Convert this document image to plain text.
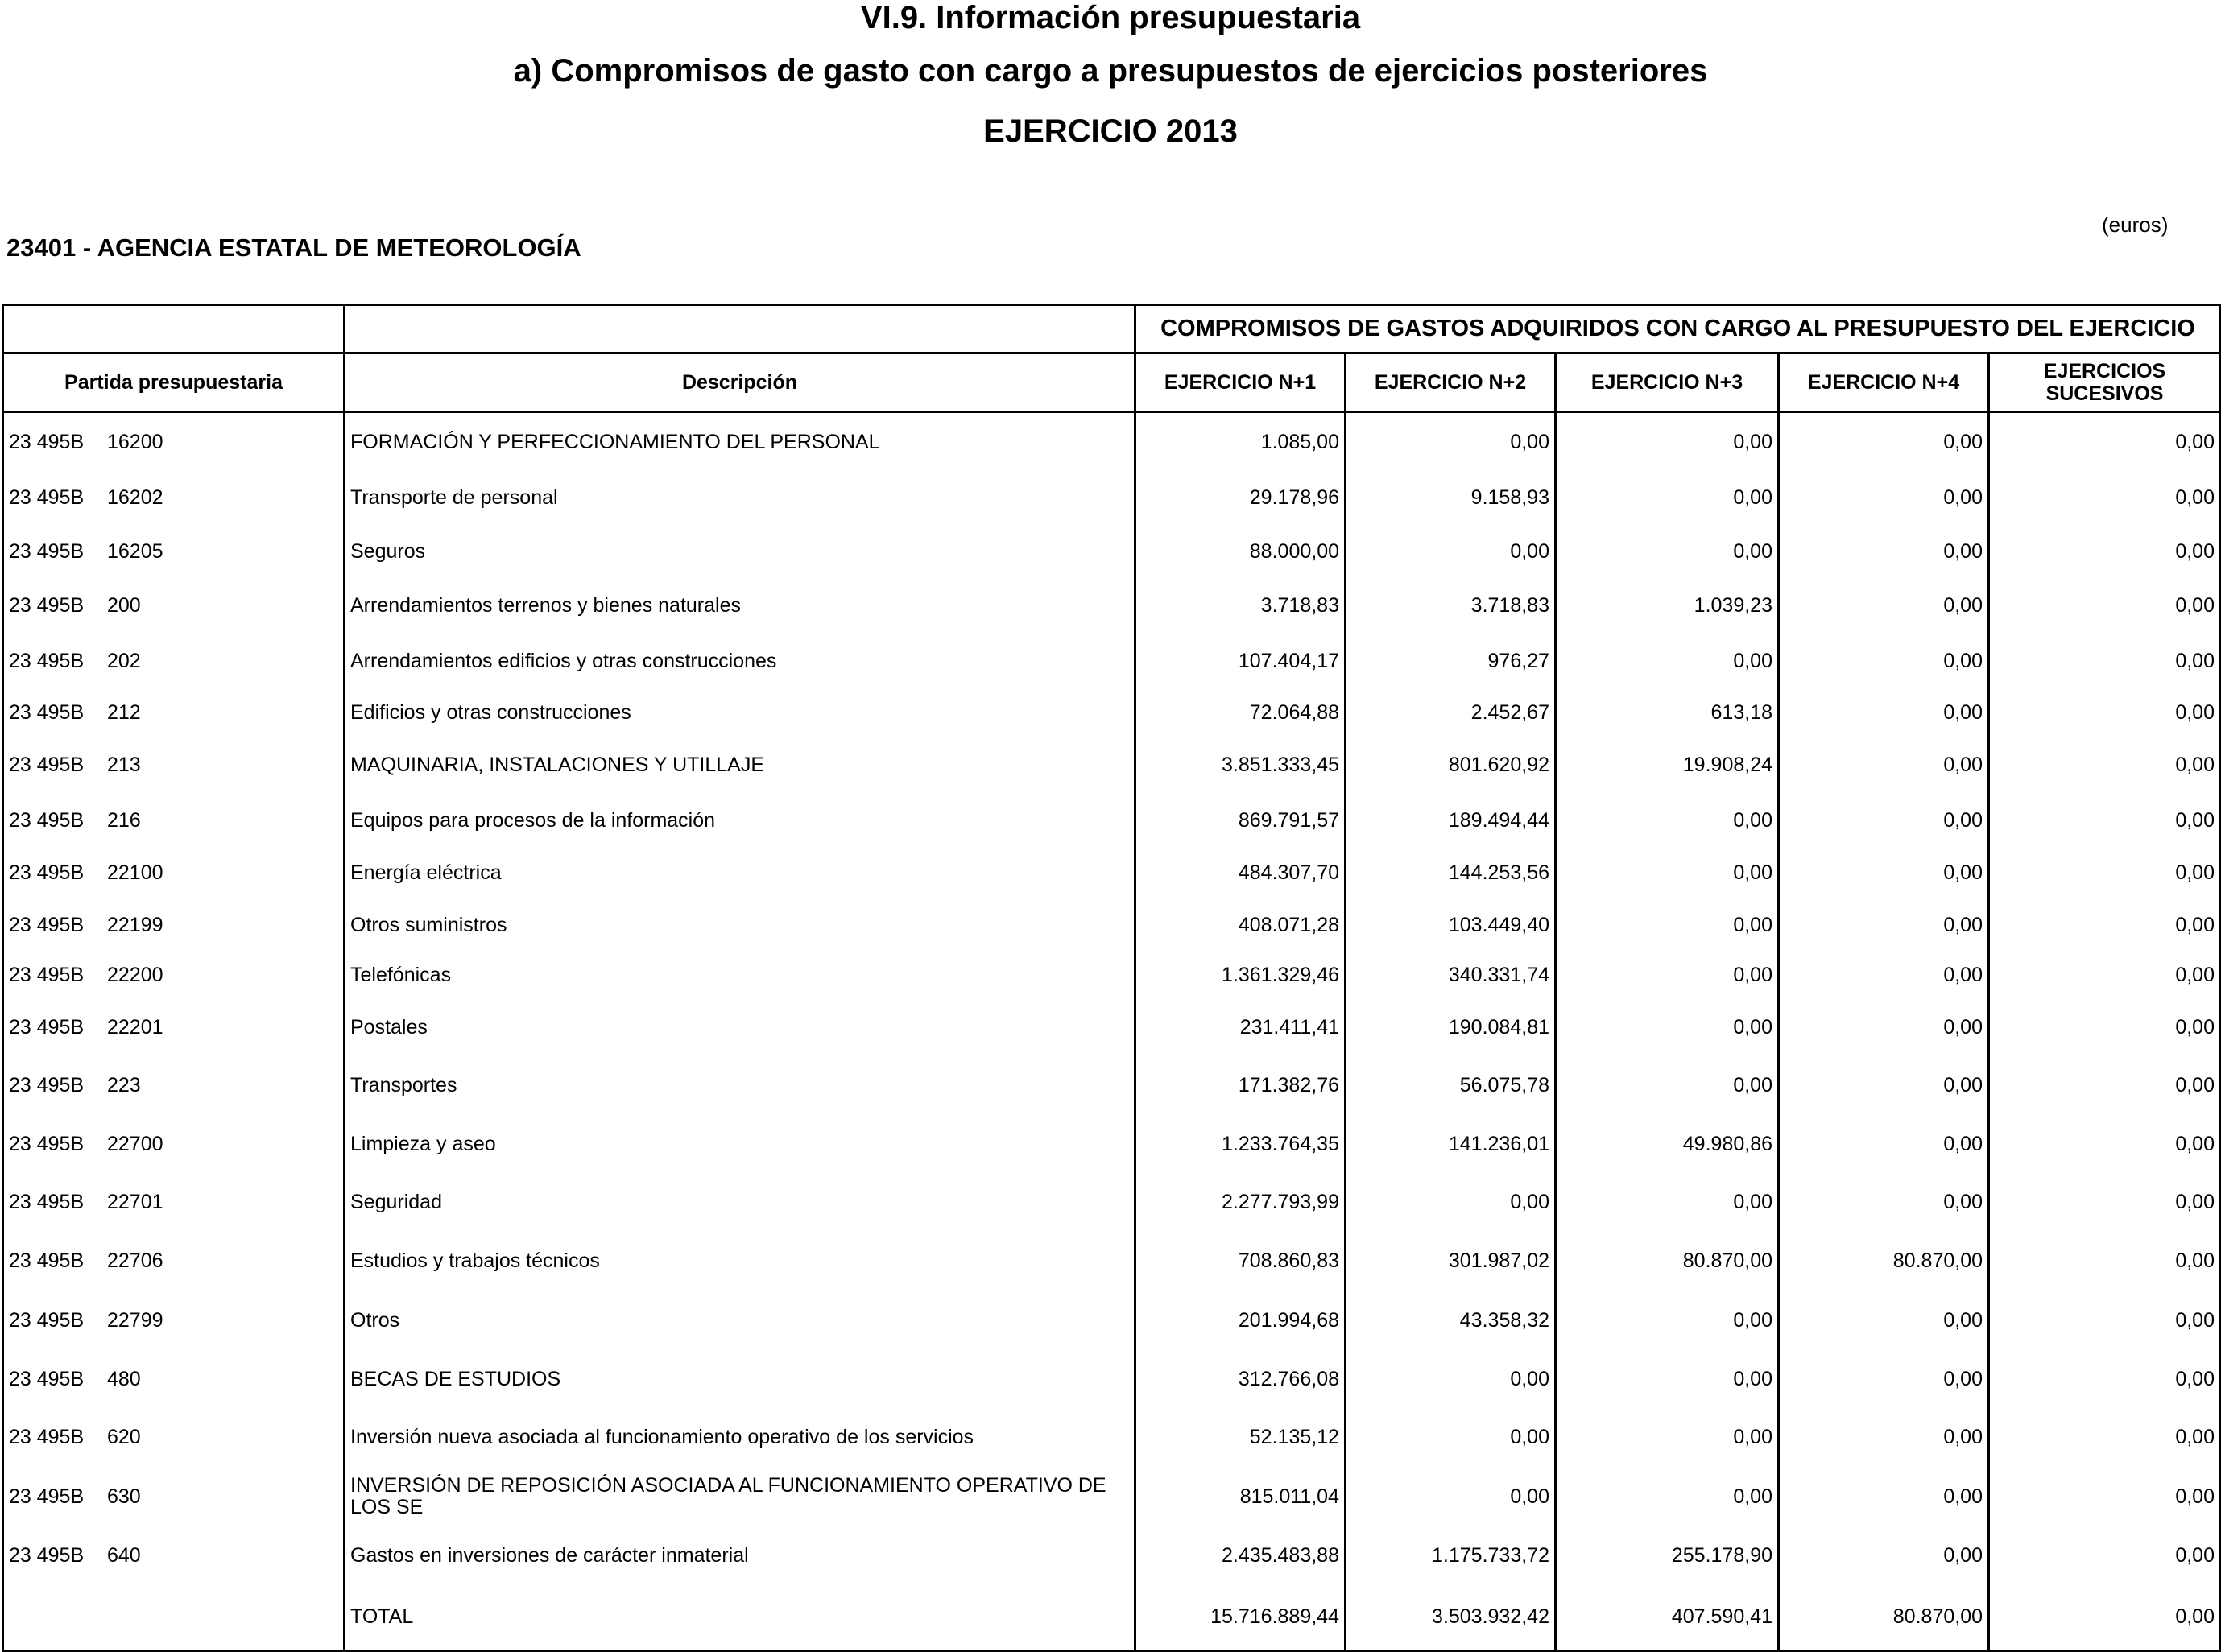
VI.9. Información presupuestaria
a) Compromisos de gasto con cargo a presupuestos de ejercicios posteriores
EJERCICIO 2013
23401 - AGENCIA ESTATAL DE METEOROLOGÍA
(euros)
		COMPROMISOS DE GASTOS ADQUIRIDOS CON CARGO AL PRESUPUESTO DEL EJERCICIO				
Partida presupuestaria	Descripción	EJERCICIO N+1	EJERCICIO N+2	EJERCICIO N+3	EJERCICIO N+4	EJERCICIOS SUCESIVOS

23 495B 16200	FORMACIÓN Y PERFECCIONAMIENTO DEL PERSONAL	1.085,00	0,00	0,00	0,00	0,00

23 495B 16202	Transporte de personal	29.178,96	9.158,93	0,00	0,00	0,00

23 495B 16205	Seguros	88.000,00	0,00	0,00	0,00	0,00

23 495B 200	Arrendamientos terrenos y bienes naturales	3.718,83	3.718,83	1.039,23	0,00	0,00

23 495B 202	Arrendamientos edificios y otras construcciones	107.404,17	976,27	0,00	0,00	0,00

23 495B 212	Edificios y otras construcciones	72.064,88	2.452,67	613,18	0,00	0,00

23 495B 213	MAQUINARIA, INSTALACIONES Y UTILLAJE	3.851.333,45	801.620,92	19.908,24	0,00	0,00

23 495B 216	Equipos para procesos de la información	869.791,57	189.494,44	0,00	0,00	0,00

23 495B 22100	Energía eléctrica	484.307,70	144.253,56	0,00	0,00	0,00

23 495B 22199	Otros suministros	408.071,28	103.449,40	0,00	0,00	0,00

23 495B 22200	Telefónicas	1.361.329,46	340.331,74	0,00	0,00	0,00

23 495B 22201	Postales	231.411,41	190.084,81	0,00	0,00	0,00

23 495B 223	Transportes	171.382,76	56.075,78	0,00	0,00	0,00

23 495B 22700	Limpieza y aseo	1.233.764,35	141.236,01	49.980,86	0,00	0,00

23 495B 22701	Seguridad	2.277.793,99	0,00	0,00	0,00	0,00

23 495B 22706	Estudios y trabajos técnicos	708.860,83	301.987,02	80.870,00	80.870,00	0,00

23 495B 22799	Otros	201.994,68	43.358,32	0,00	0,00	0,00

23 495B 480	BECAS DE ESTUDIOS	312.766,08	0,00	0,00	0,00	0,00

23 495B 620	Inversión nueva asociada al funcionamiento operativo de los servicios	52.135,12	0,00	0,00	0,00	0,00

23 495B 630	INVERSIÓN DE REPOSICIÓN ASOCIADA AL FUNCIONAMIENTO OPERATIVO DE LOS SE	815.011,04	0,00	0,00	0,00	0,00

23 495B 640	Gastos en inversiones de carácter inmaterial	2.435.483,88	1.175.733,72	255.178,90	0,00	0,00
	TOTAL	15.716.889,44	3.503.932,42	407.590,41	80.870,00	0,00
